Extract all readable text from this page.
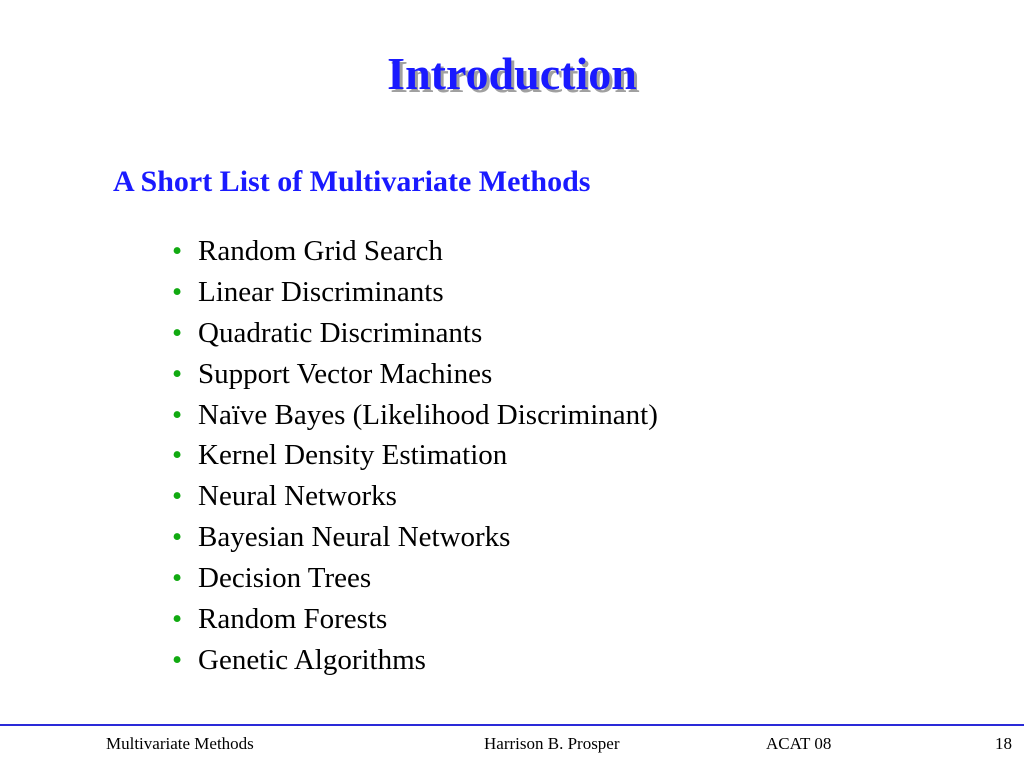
Introduction
A Short List of Multivariate Methods
• Random Grid Search
• Linear Discriminants
• Quadratic Discriminants
• Support Vector Machines
• Naïve Bayes (Likelihood Discriminant)
• Kernel Density Estimation
• Neural Networks
• Bayesian Neural Networks
• Decision Trees
• Random Forests
• Genetic Algorithms
Multivariate Methods	Harrison B. Prosper	ACAT 08	18
